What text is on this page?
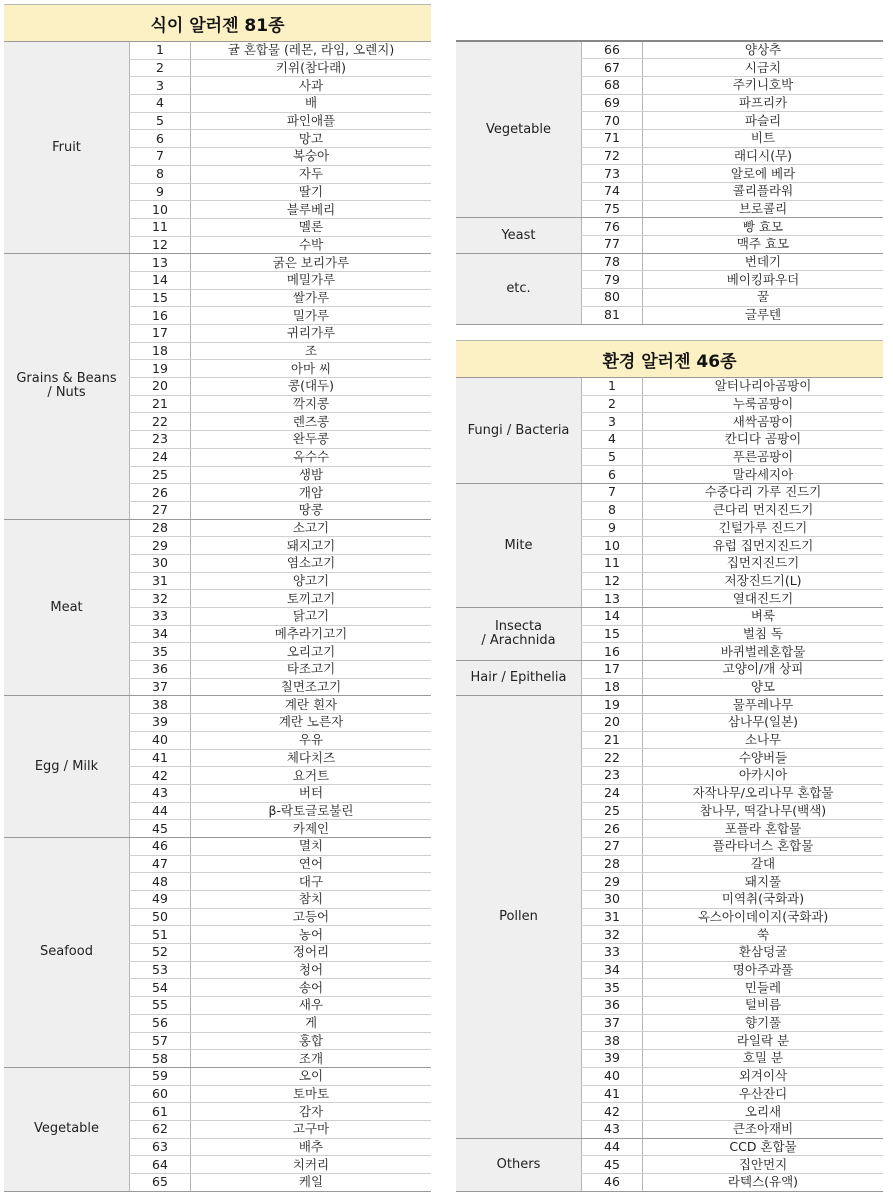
식이 알러젠 81종
Fruit	1	귤 혼합물 (레몬, 라임, 오렌지)
	2	키위(참다래)
	3	사과
	4	배
	5	파인애플
	6	망고
	7	복숭아
	8	자두
	9	딸기
	10	블루베리
	11	멜론
	12	수박
Grains & Beans
/ Nuts	13	굵은 보리가루
	14	메밀가루
	15	쌀가루
	16	밀가루
	17	귀리가루
	18	조
	19	아마 씨
	20	콩(대두)
	21	깍지콩
	22	렌즈콩
	23	완두콩
	24	옥수수
	25	생밤
	26	개암
	27	땅콩
Meat	28	소고기
	29	돼지고기
	30	염소고기
	31	양고기
	32	토끼고기
	33	닭고기
	34	메추라기고기
	35	오리고기
	36	타조고기
	37	칠면조고기
Egg / Milk	38	계란 흰자
	39	계란 노른자
	40	우유
	41	체다치즈
	42	요거트
	43	버터
	44	β-락토글로불린
	45	카제인
Seafood	46	멸치
	47	연어
	48	대구
	49	참치
	50	고등어
	51	농어
	52	정어리
	53	청어
	54	송어
	55	새우
	56	게
	57	홍합
	58	조개
Vegetable	59	오이
	60	토마토
	61	감자
	62	고구마
	63	배추
	64	치커리
	65	케일
Vegetable	66	양상추
	67	시금치
	68	주키니호박
	69	파프리카
	70	파슬리
	71	비트
	72	래디시(무)
	73	알로에 베라
	74	콜리플라워
	75	브로콜리
Yeast	76	빵 효모
	77	맥주 효모
etc.	78	번데기
	79	베이킹파우더
	80	꿀
	81	글루텐
환경 알러젠 46종
Fungi / Bacteria	1	알터나리아곰팡이
	2	누룩곰팡이
	3	새싹곰팡이
	4	칸디다 곰팡이
	5	푸른곰팡이
	6	말라세지아
Mite	7	수중다리 가루 진드기
	8	큰다리 먼지진드기
	9	긴털가루 진드기
	10	유럽 집먼지진드기
	11	집먼지진드기
	12	저장진드기(L)
	13	열대진드기
Insecta
/ Arachnida	14	벼룩
	15	벌침 독
	16	바퀴벌레혼합물
Hair / Epithelia	17	고양이/개 상피
	18	양모
Pollen	19	물푸레나무
	20	삼나무(일본)
	21	소나무
	22	수양버들
	23	아카시아
	24	자작나무/오리나무 혼합물
	25	참나무, 떡갈나무(백색)
	26	포플라 혼합물
	27	플라타너스 혼합물
	28	갈대
	29	돼지풀
	30	미역취(국화과)
	31	옥스아이데이지(국화과)
	32	쑥
	33	환삼덩굴
	34	명아주과풀
	35	민들레
	36	털비름
	37	향기풀
	38	라일락 분
	39	호밀 분
	40	외겨이삭
	41	우산잔디
	42	오리새
	43	큰조아재비
Others	44	CCD 혼합물
	45	집안먼지
	46	라텍스(유액)
